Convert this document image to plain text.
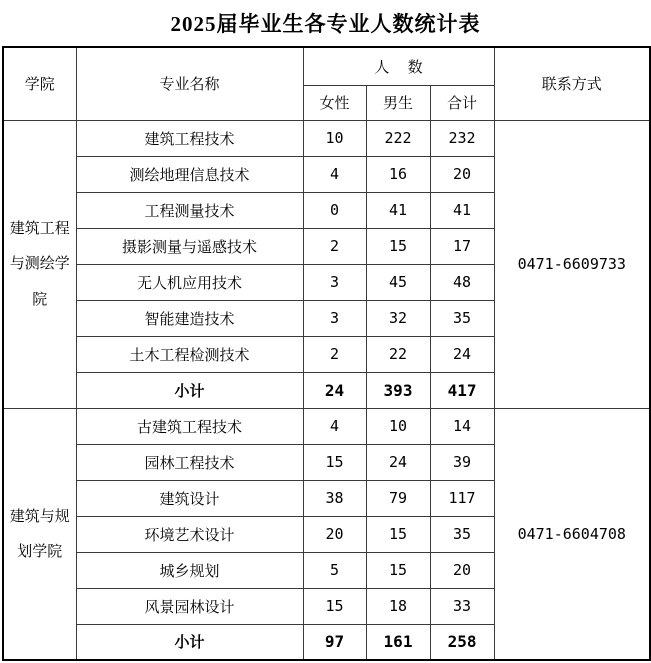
2025届毕业生各专业人数统计表
学院	专业名称	人 数			联系方式
		女性	男生	合计	
建筑工程与测绘学院	建筑工程技术	10	222	232	0471-6609733
	测绘地理信息技术	4	16	20	
	工程测量技术	0	41	41	
	摄影测量与遥感技术	2	15	17	
	无人机应用技术	3	45	48	
	智能建造技术	3	32	35	
	土木工程检测技术	2	22	24	
	小计	24	393	417	
建筑与规划学院	古建筑工程技术	4	10	14	0471-6604708
	园林工程技术	15	24	39	
	建筑设计	38	79	117	
	环境艺术设计	20	15	35	
	城乡规划	5	15	20	
	风景园林设计	15	18	33	
	小计	97	161	258	
